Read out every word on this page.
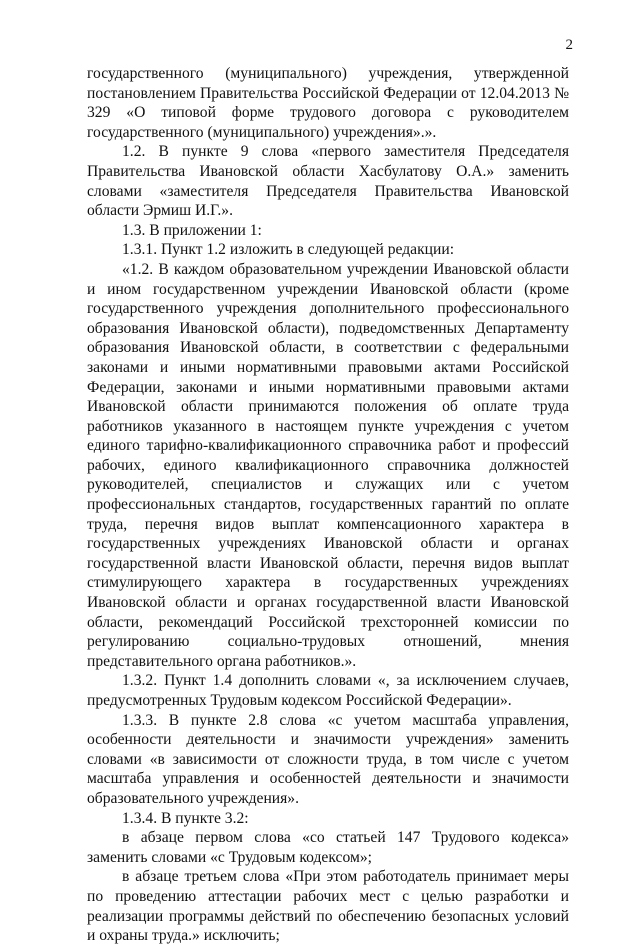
2

государственного (муниципального) учреждения, утвержденной постановлением Правительства Российской Федерации от 12.04.2013 № 329 «О типовой форме трудового договора с руководителем государственного (муниципального) учреждения».».

1.2. В пункте 9 слова «первого заместителя Председателя Правительства Ивановской области Хасбулатову О.А.» заменить словами «заместителя Председателя Правительства Ивановской области Эрмиш И.Г.».

1.3. В приложении 1:

1.3.1. Пункт 1.2 изложить в следующей редакции:

«1.2. В каждом образовательном учреждении Ивановской области и ином государственном учреждении Ивановской области (кроме государственного учреждения дополнительного профессионального образования Ивановской области), подведомственных Департаменту образования Ивановской области, в соответствии с федеральными законами и иными нормативными правовыми актами Российской Федерации, законами и иными нормативными правовыми актами Ивановской области принимаются положения об оплате труда работников указанного в настоящем пункте учреждения с учетом единого тарифно-квалификационного справочника работ и профессий рабочих, единого квалификационного справочника должностей руководителей, специалистов и служащих или с учетом профессиональных стандартов, государственных гарантий по оплате труда, перечня видов выплат компенсационного характера в государственных учреждениях Ивановской области и органах государственной власти Ивановской области, перечня видов выплат стимулирующего характера в государственных учреждениях Ивановской области и органах государственной власти Ивановской области, рекомендаций Российской трехсторонней комиссии по регулированию социально-трудовых отношений, мнения представительного органа работников.».

1.3.2. Пункт 1.4 дополнить словами «, за исключением случаев, предусмотренных Трудовым кодексом Российской Федерации».

1.3.3. В пункте 2.8 слова «с учетом масштаба управления, особенности деятельности и значимости учреждения» заменить словами «в зависимости от сложности труда, в том числе с учетом масштаба управления и особенностей деятельности и значимости образовательного учреждения».

1.3.4. В пункте 3.2:

в абзаце первом слова «со статьей 147 Трудового кодекса» заменить словами «с Трудовым кодексом»;

в абзаце третьем слова «При этом работодатель принимает меры по проведению аттестации рабочих мест с целью разработки и реализации программы действий по обеспечению безопасных условий и охраны труда.» исключить;
